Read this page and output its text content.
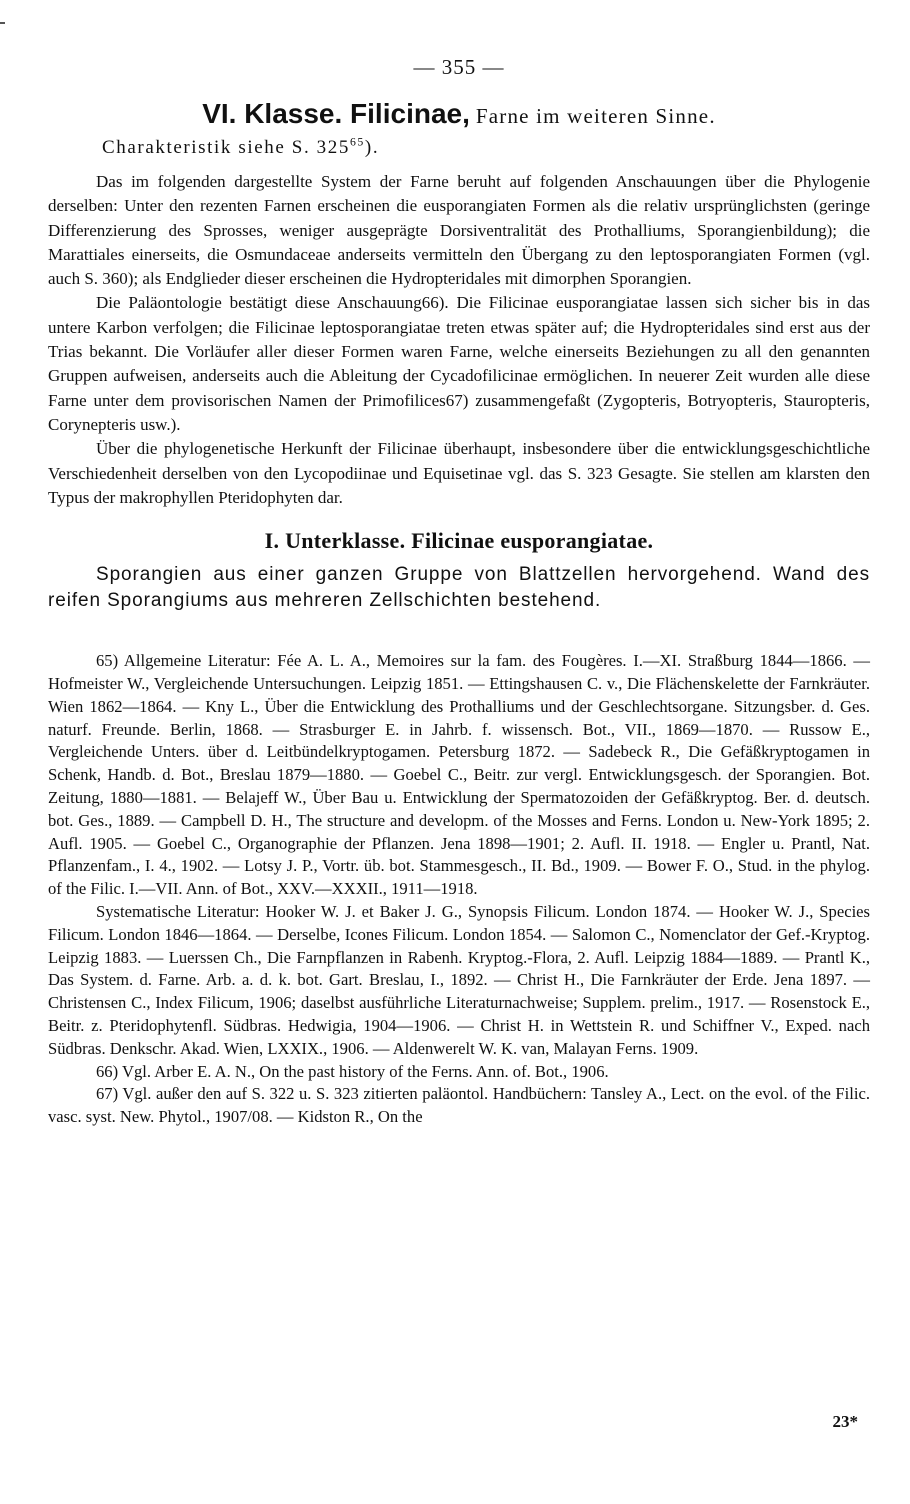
— 355 —
VI. Klasse. Filicinae, Farne im weiteren Sinne.
Charakteristik siehe S. $325^{65}$).

Das im folgenden dargestellte System der Farne beruht auf folgenden Anschauungen über die Phylogenie derselben: Unter den rezenten Farnen erscheinen die eusporangiaten Formen als die relativ ursprünglichsten (geringe Differenzierung des Sprosses, weniger ausgeprägte Dorsiventralität des Prothalliums, Sporangienbildung); die Marattiales einerseits, die Osmundaceae anderseits vermitteln den Übergang zu den leptosporangiaten Formen (vgl. auch S. 360); als Endglieder dieser erscheinen die Hydropteridales mit dimorphen Sporangien.

Die Paläontologie bestätigt diese Anschauung66). Die Filicinae eusporangiatae lassen sich sicher bis in das untere Karbon verfolgen; die Filicinae leptosporangiatae treten etwas später auf; die Hydropteridales sind erst aus der Trias bekannt. Die Vorläufer aller dieser Formen waren Farne, welche einerseits Beziehungen zu all den genannten Gruppen aufweisen, anderseits auch die Ableitung der Cycadofilicinae ermöglichen. In neuerer Zeit wurden alle diese Farne unter dem provisorischen Namen der Primofilices67) zusammengefaßt (Zygopteris, Botryopteris, Stauropteris, Corynepteris usw.).

Über die phylogenetische Herkunft der Filicinae überhaupt, insbesondere über die entwicklungsgeschichtliche Verschiedenheit derselben von den Lycopodiinae und Equisetinae vgl. das S. 323 Gesagte. Sie stellen am klarsten den Typus der makrophyllen Pteridophyten dar.

I. Unterklasse. Filicinae eusporangiatae.

Sporangien aus einer ganzen Gruppe von Blattzellen hervorgehend. Wand des reifen Sporangiums aus mehreren Zellschichten bestehend.

65) Allgemeine Literatur: Fée A. L. A., Memoires sur la fam. des Fougères. I.—XI. Straßburg 1844—1866. — Hofmeister W., Vergleichende Untersuchungen. Leipzig 1851. — Ettingshausen C. v., Die Flächenskelette der Farnkräuter. Wien 1862—1864. — Kny L., Über die Entwicklung des Prothalliums und der Geschlechtsorgane. Sitzungsber. d. Ges. naturf. Freunde. Berlin, 1868. — Strasburger E. in Jahrb. f. wissensch. Bot., VII., 1869—1870. — Russow E., Vergleichende Unters. über d. Leitbündelkryptogamen. Petersburg 1872. — Sadebeck R., Die Gefäßkryptogamen in Schenk, Handb. d. Bot., Breslau 1879—1880. — Goebel C., Beitr. zur vergl. Entwicklungsgesch. der Sporangien. Bot. Zeitung, 1880—1881. — Belajeff W., Über Bau u. Entwicklung der Spermatozoiden der Gefäßkryptog. Ber. d. deutsch. bot. Ges., 1889. — Campbell D. H., The structure and developm. of the Mosses and Ferns. London u. New-York 1895; 2. Aufl. 1905. — Goebel C., Organographie der Pflanzen. Jena 1898—1901; 2. Aufl. II. 1918. — Engler u. Prantl, Nat. Pflanzenfam., I. 4., 1902. — Lotsy J. P., Vortr. üb. bot. Stammesgesch., II. Bd., 1909. — Bower F. O., Stud. in the phylog. of the Filic. I.—VII. Ann. of Bot., XXV.—XXXII., 1911—1918.

Systematische Literatur: Hooker W. J. et Baker J. G., Synopsis Filicum. London 1874. — Hooker W. J., Species Filicum. London 1846—1864. — Derselbe, Icones Filicum. London 1854. — Salomon C., Nomenclator der Gef.-Kryptog. Leipzig 1883. — Luerssen Ch., Die Farnpflanzen in Rabenh. Kryptog.-Flora, 2. Aufl. Leipzig 1884—1889. — Prantl K., Das System. d. Farne. Arb. a. d. k. bot. Gart. Breslau, I., 1892. — Christ H., Die Farnkräuter der Erde. Jena 1897. — Christensen C., Index Filicum, 1906; daselbst ausführliche Literaturnachweise; Supplem. prelim., 1917. — Rosenstock E., Beitr. z. Pteridophytenfl. Südbras. Hedwigia, 1904—1906. — Christ H. in Wettstein R. und Schiffner V., Exped. nach Südbras. Denkschr. Akad. Wien, LXXIX., 1906. — Aldenwerelt W. K. van, Malayan Ferns. 1909.

66) Vgl. Arber E. A. N., On the past history of the Ferns. Ann. of. Bot., 1906.

67) Vgl. außer den auf S. 322 u. S. 323 zitierten paläontol. Handbüchern: Tansley A., Lect. on the evol. of the Filic. vasc. syst. New. Phytol., 1907/08. — Kidston R., On the

23*
